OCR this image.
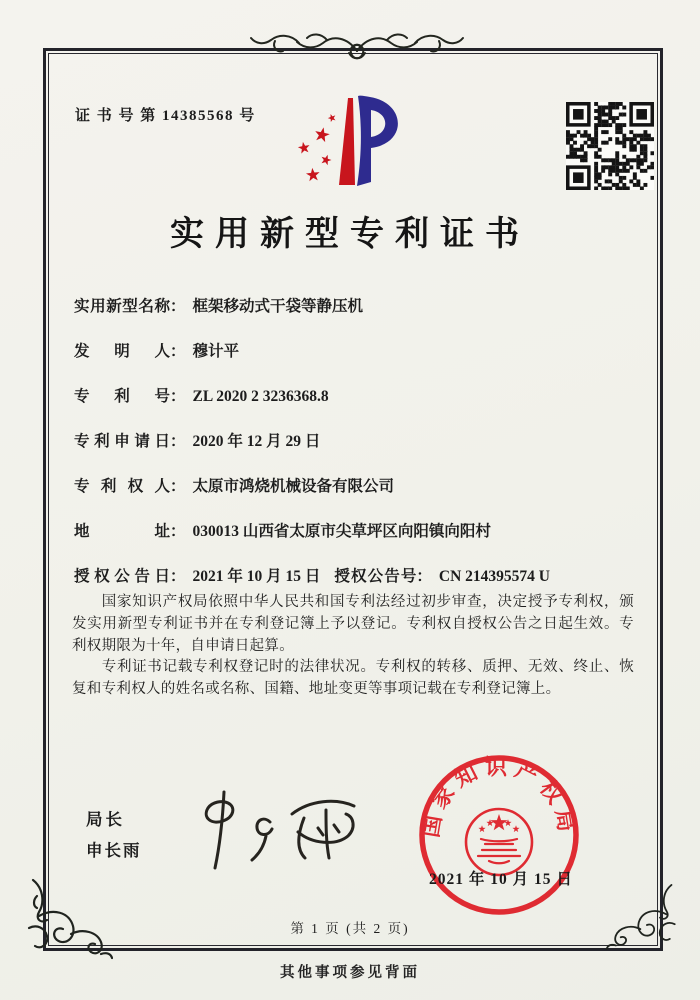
证 书 号 第 14385568 号
实用新型专利证书
实用新型名称 ： 框架移动式干袋等静压机
发 明 人 ： 穆计平
专 利 号 ： ZL 2020 2 3236368.8
专利申请日 ： 2020 年 12 月 29 日
专 利 权 人 ： 太原市鸿烧机械设备有限公司
地 址 ： 030013 山西省太原市尖草坪区向阳镇向阳村
授权公告日 ： 2021 年 10 月 15 日 授权公告号 ： CN 214395574 U

国家知识产权局依照中华人民共和国专利法经过初步审查，决定授予专利权，颁发实用新型专利证书并在专利登记簿上予以登记。专利权自授权公告之日起生效。专利权期限为十年，自申请日起算。

专利证书记载专利权登记时的法律状况。专利权的转移、质押、无效、终止、恢复和专利权人的姓名或名称、国籍、地址变更等事项记载在专利登记簿上。

局长
申长雨
国家知识产权局
2021 年 10 月 15 日
第 1 页 (共 2 页)
其他事项参见背面
